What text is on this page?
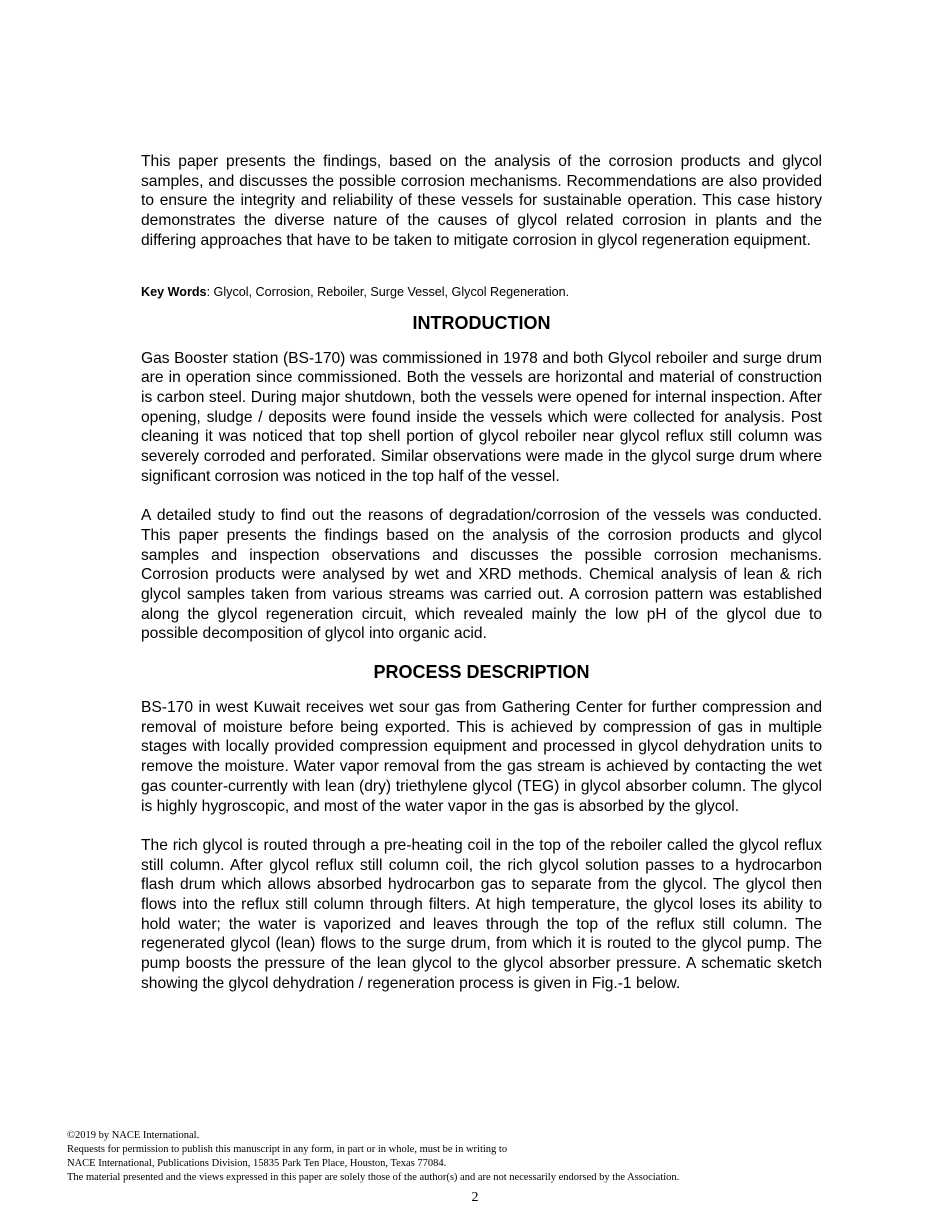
This paper presents the findings, based on the analysis of the corrosion products and glycol samples, and discusses the possible corrosion mechanisms. Recommendations are also provided to ensure the integrity and reliability of these vessels for sustainable operation. This case history demonstrates the diverse nature of the causes of glycol related corrosion in plants and the differing approaches that have to be taken to mitigate corrosion in glycol regeneration equipment.

Key Words: Glycol, Corrosion, Reboiler, Surge Vessel, Glycol Regeneration.

INTRODUCTION

Gas Booster station (BS-170) was commissioned in 1978 and both Glycol reboiler and surge drum are in operation since commissioned. Both the vessels are horizontal and material of construction is carbon steel. During major shutdown, both the vessels were opened for internal inspection. After opening, sludge / deposits were found inside the vessels which were collected for analysis. Post cleaning it was noticed that top shell portion of glycol reboiler near glycol reflux still column was severely corroded and perforated. Similar observations were made in the glycol surge drum where significant corrosion was noticed in the top half of the vessel.

A detailed study to find out the reasons of degradation/corrosion of the vessels was conducted. This paper presents the findings based on the analysis of the corrosion products and glycol samples and inspection observations and discusses the possible corrosion mechanisms. Corrosion products were analysed by wet and XRD methods. Chemical analysis of lean & rich glycol samples taken from various streams was carried out. A corrosion pattern was established along the glycol regeneration circuit, which revealed mainly the low pH of the glycol due to possible decomposition of glycol into organic acid.

PROCESS DESCRIPTION

BS-170 in west Kuwait receives wet sour gas from Gathering Center for further compression and removal of moisture before being exported. This is achieved by compression of gas in multiple stages with locally provided compression equipment and processed in glycol dehydration units to remove the moisture. Water vapor removal from the gas stream is achieved by contacting the wet gas counter-currently with lean (dry) triethylene glycol (TEG) in glycol absorber column. The glycol is highly hygroscopic, and most of the water vapor in the gas is absorbed by the glycol.

The rich glycol is routed through a pre-heating coil in the top of the reboiler called the glycol reflux still column. After glycol reflux still column coil, the rich glycol solution passes to a hydrocarbon flash drum which allows absorbed hydrocarbon gas to separate from the glycol. The glycol then flows into the reflux still column through filters. At high temperature, the glycol loses its ability to hold water; the water is vaporized and leaves through the top of the reflux still column. The regenerated glycol (lean) flows to the surge drum, from which it is routed to the glycol pump. The pump boosts the pressure of the lean glycol to the glycol absorber pressure. A schematic sketch showing the glycol dehydration / regeneration process is given in Fig.-1 below.

©2019 by NACE International.
Requests for permission to publish this manuscript in any form, in part or in whole, must be in writing to
NACE International, Publications Division, 15835 Park Ten Place, Houston, Texas 77084.
The material presented and the views expressed in this paper are solely those of the author(s) and are not necessarily endorsed by the Association.
2
